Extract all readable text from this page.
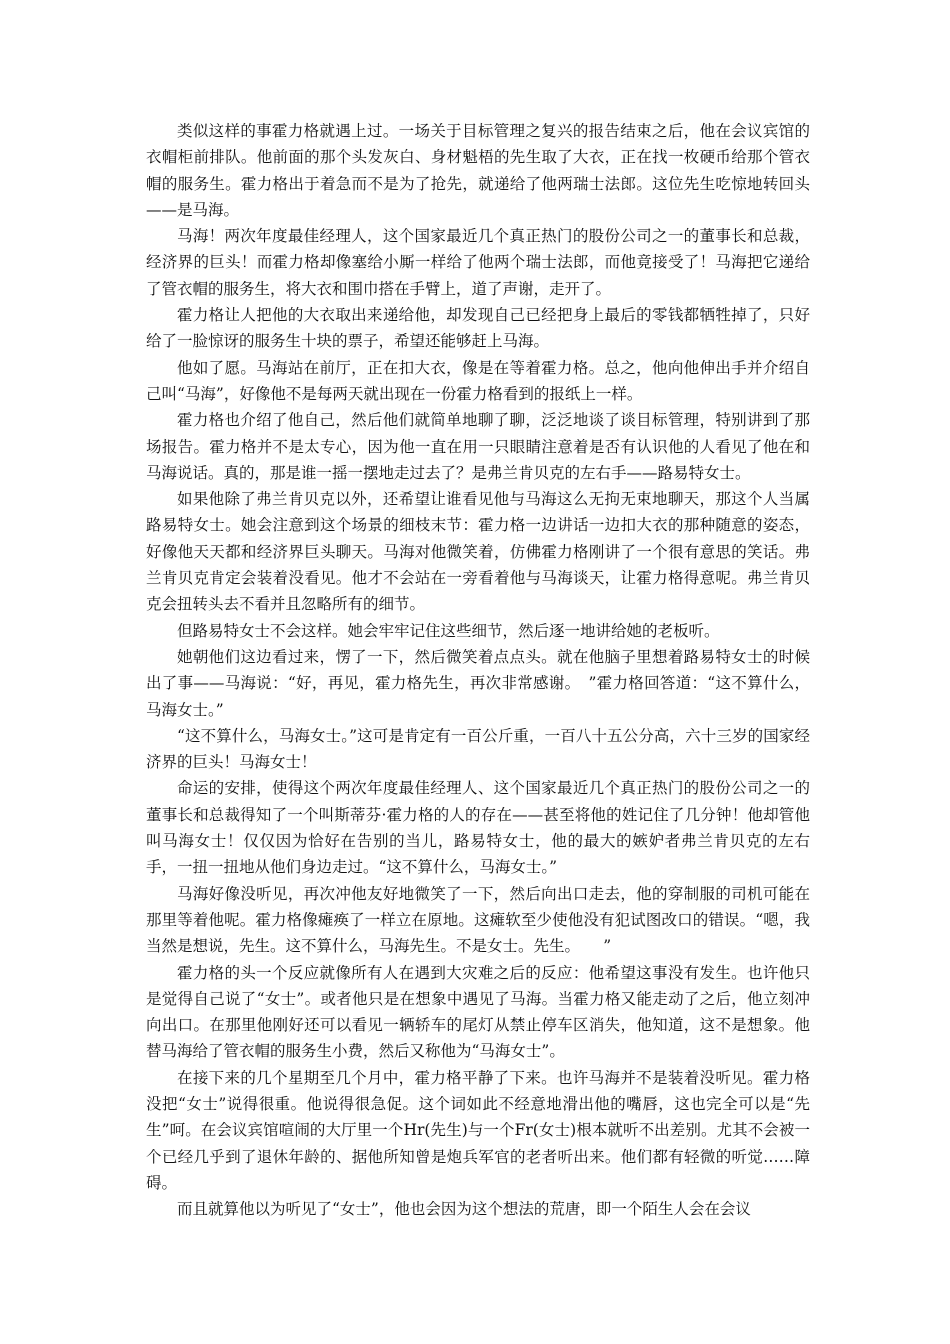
类似这样的事霍力格就遇上过。一场关于目标管理之复兴的报告结束之后，他在会议宾馆的衣帽柜前排队。他前面的那个头发灰白、身材魁梧的先生取了大衣，正在找一枚硬币给那个管衣帽的服务生。霍力格出于着急而不是为了抢先，就递给了他两瑞士法郎。这位先生吃惊地转回头——是马海。

马海！两次年度最佳经理人，这个国家最近几个真正热门的股份公司之一的董事长和总裁，经济界的巨头！而霍力格却像塞给小厮一样给了他两个瑞士法郎，而他竟接受了！马海把它递给了管衣帽的服务生，将大衣和围巾搭在手臂上，道了声谢，走开了。

霍力格让人把他的大衣取出来递给他，却发现自己已经把身上最后的零钱都牺牲掉了，只好给了一脸惊讶的服务生十块的票子，希望还能够赶上马海。

他如了愿。马海站在前厅，正在扣大衣，像是在等着霍力格。总之，他向他伸出手并介绍自己叫“马海”，好像他不是每两天就出现在一份霍力格看到的报纸上一样。

霍力格也介绍了他自己，然后他们就简单地聊了聊，泛泛地谈了谈目标管理，特别讲到了那场报告。霍力格并不是太专心，因为他一直在用一只眼睛注意着是否有认识他的人看见了他在和马海说话。真的，那是谁一摇一摆地走过去了？是弗兰肯贝克的左右手——路易特女士。

如果他除了弗兰肯贝克以外，还希望让谁看见他与马海这么无拘无束地聊天，那这个人当属路易特女士。她会注意到这个场景的细枝末节：霍力格一边讲话一边扣大衣的那种随意的姿态，好像他天天都和经济界巨头聊天。马海对他微笑着，仿佛霍力格刚讲了一个很有意思的笑话。弗兰肯贝克肯定会装着没看见。他才不会站在一旁看着他与马海谈天，让霍力格得意呢。弗兰肯贝克会扭转头去不看并且忽略所有的细节。

但路易特女士不会这样。她会牢牢记住这些细节，然后逐一地讲给她的老板听。

她朝他们这边看过来，愣了一下，然后微笑着点点头。就在他脑子里想着路易特女士的时候出了事——马海说：“好，再见，霍力格先生，再次非常感谢。　”霍力格回答道：“这不算什么，马海女士。”

“这不算什么，马海女士。”这可是肯定有一百公斤重，一百八十五公分高，六十三岁的国家经济界的巨头！马海女士！

命运的安排，使得这个两次年度最佳经理人、这个国家最近几个真正热门的股份公司之一的董事长和总裁得知了一个叫斯蒂芬·霍力格的人的存在——甚至将他的姓记住了几分钟！他却管他叫马海女士！仅仅因为恰好在告别的当儿，路易特女士，他的最大的嫉妒者弗兰肯贝克的左右手，一扭一扭地从他们身边走过。“这不算什么，马海女士。”

马海好像没听见，再次冲他友好地微笑了一下，然后向出口走去，他的穿制服的司机可能在那里等着他呢。霍力格像瘫痪了一样立在原地。这瘫软至少使他没有犯试图改口的错误。“嗯，我当然是想说，先生。这不算什么，马海先生。不是女士。先生。　　”

霍力格的头一个反应就像所有人在遇到大灾难之后的反应：他希望这事没有发生。也许他只是觉得自己说了“女士”。或者他只是在想象中遇见了马海。当霍力格又能走动了之后，他立刻冲向出口。在那里他刚好还可以看见一辆轿车的尾灯从禁止停车区消失，他知道，这不是想象。他替马海给了管衣帽的服务生小费，然后又称他为“马海女士”。

在接下来的几个星期至几个月中，霍力格平静了下来。也许马海并不是装着没听见。霍力格没把“女士”说得很重。他说得很急促。这个词如此不经意地滑出他的嘴唇，这也完全可以是“先生”呵。在会议宾馆喧闹的大厅里一个Hr(先生)与一个Fr(女士)根本就听不出差别。尤其不会被一个已经几乎到了退休年龄的、据他所知曾是炮兵军官的老者听出来。他们都有轻微的听觉……障碍。

而且就算他以为听见了“女士”，他也会因为这个想法的荒唐，即一个陌生人会在会议
